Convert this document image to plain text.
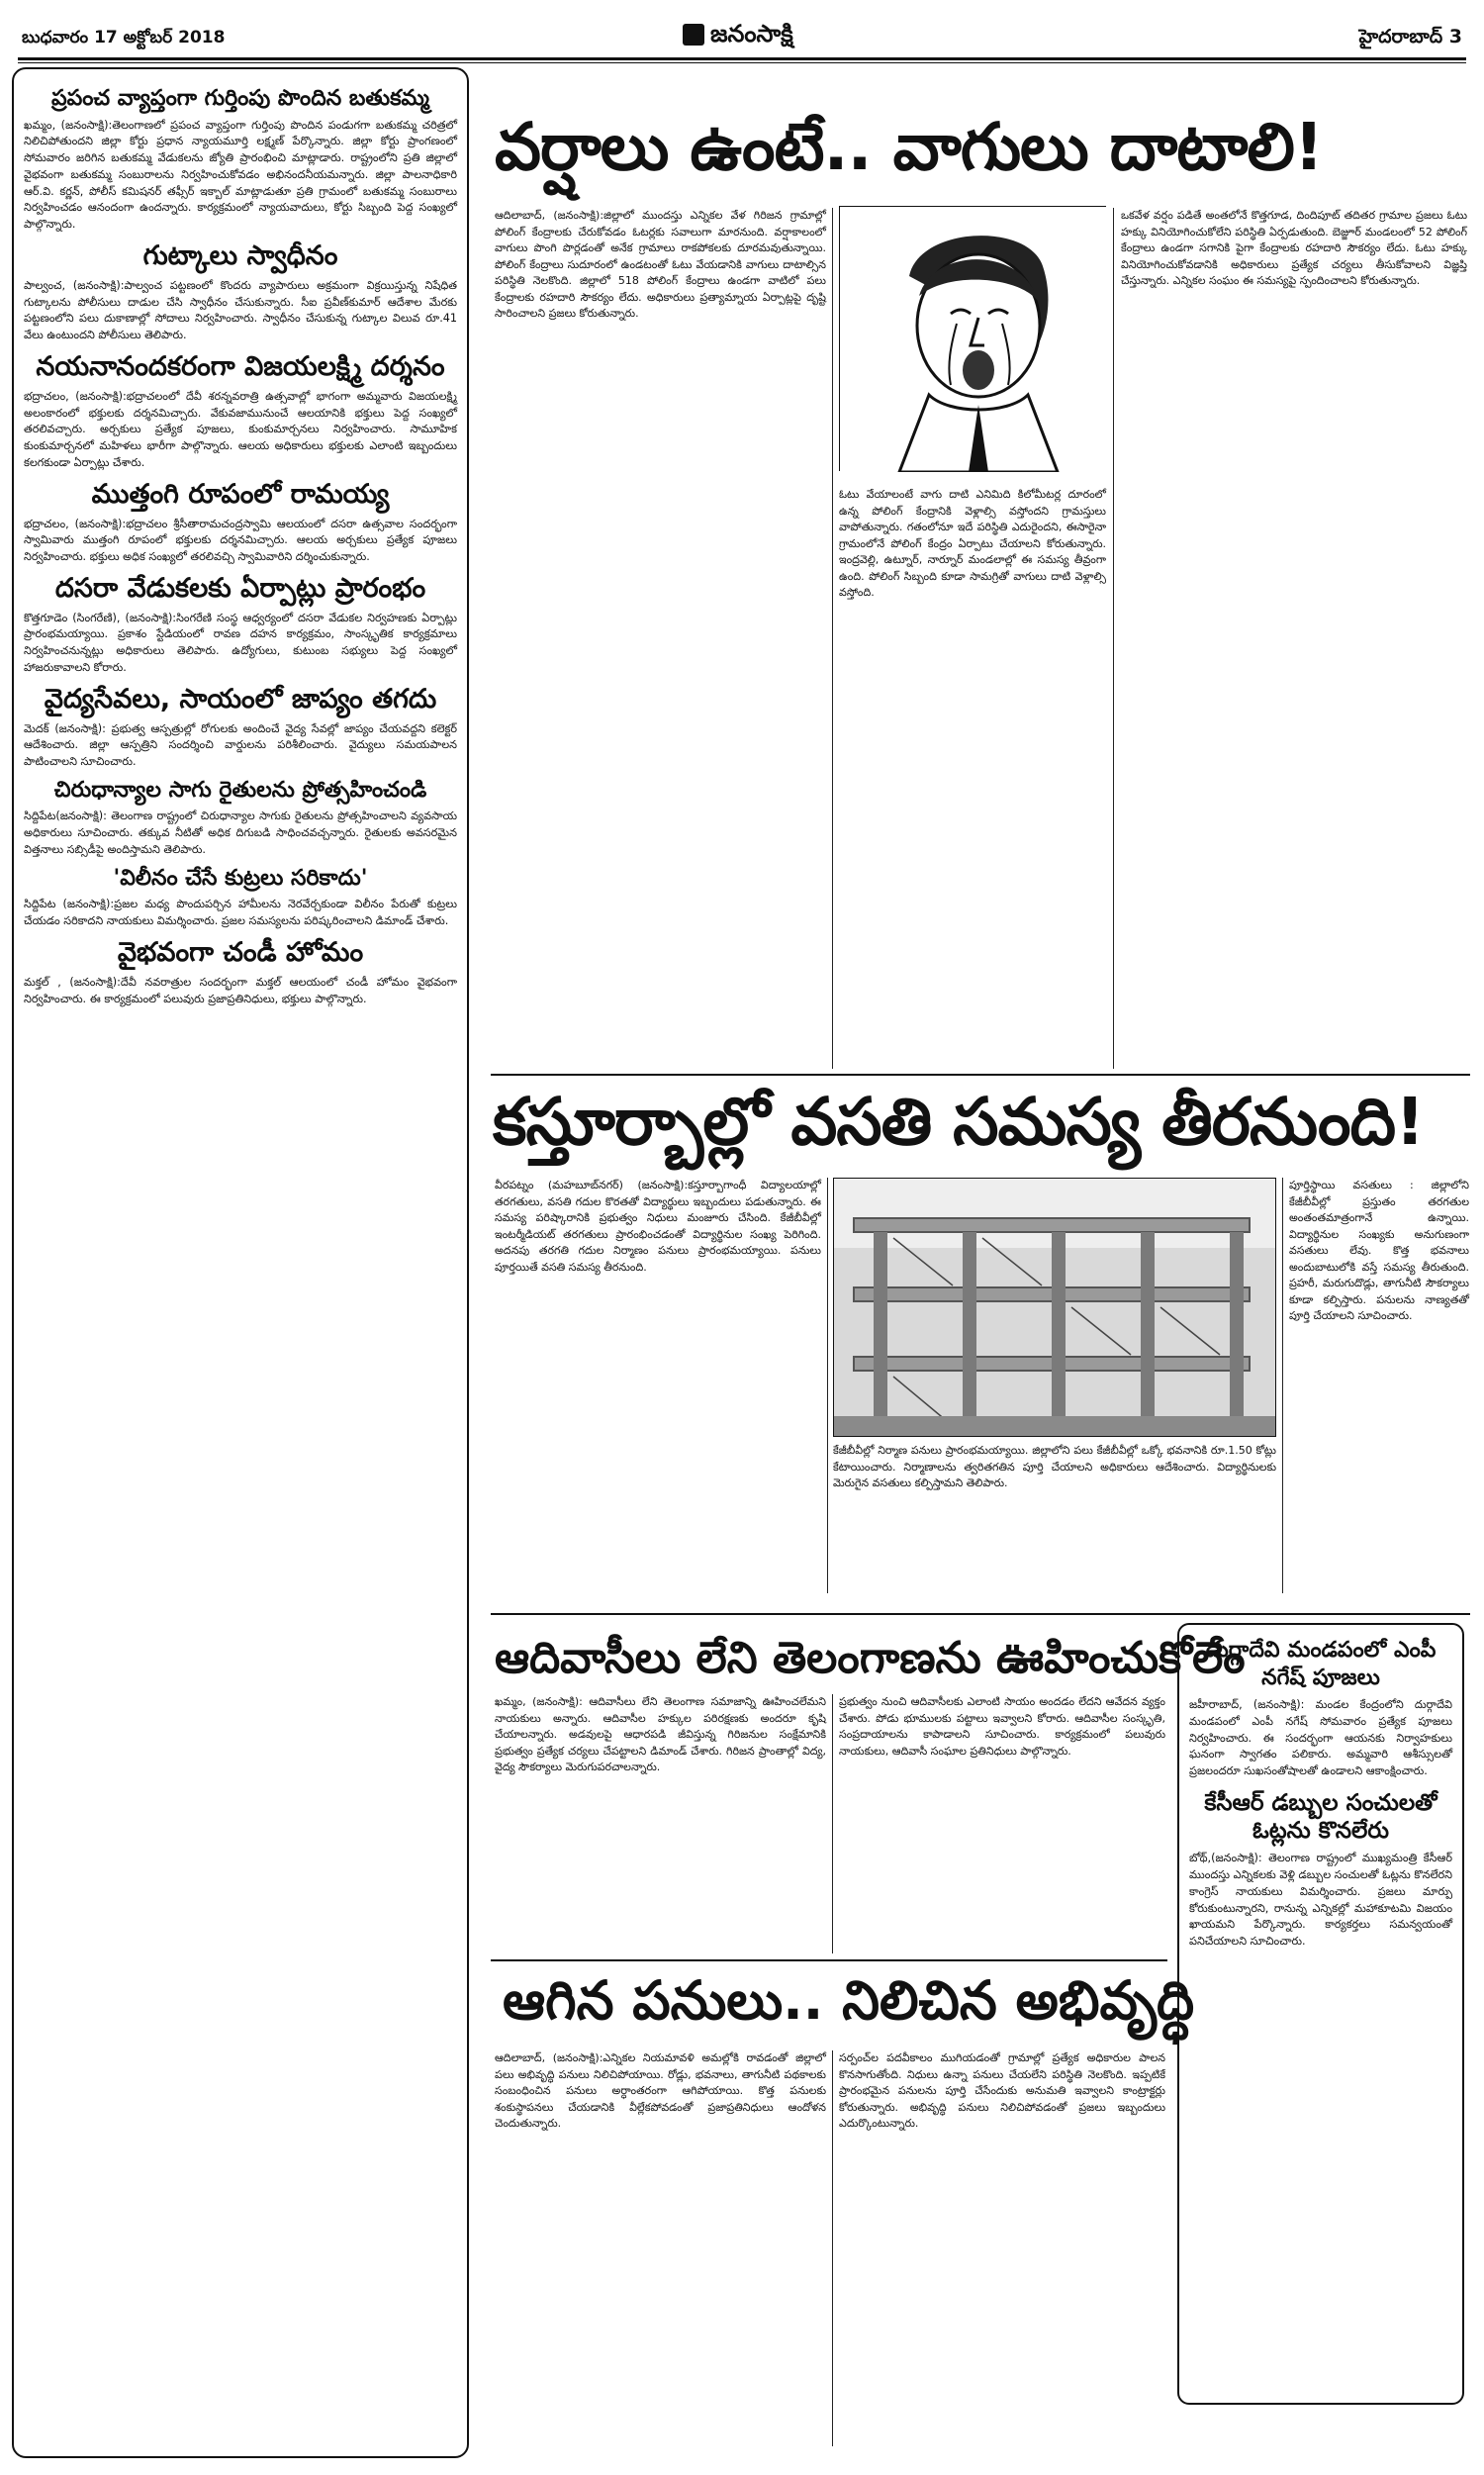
బుధవారం 17 అక్టోబర్ 2018	జనంసాక్షి	హైదరాబాద్ 3
ప్రపంచ వ్యాప్తంగా గుర్తింపు పొందిన బతుకమ్మ

ఖమ్మం, (జనంసాక్షి):తెలంగాణలో ప్రపంచ వ్యాప్తంగా గుర్తింపు పొందిన పండుగగా బతుకమ్మ చరిత్రలో నిలిచిపోతుందని జిల్లా కోర్టు ప్రధాన న్యాయమూర్తి లక్ష్మణ్ పేర్కొన్నారు. జిల్లా కోర్టు ప్రాంగణంలో సోమవారం జరిగిన బతుకమ్మ వేడుకలను జ్యోతి ప్రారంభించి మాట్లాడారు. రాష్ట్రంలోని ప్రతి జిల్లాలో వైభవంగా బతుకమ్మ సంబురాలను నిర్వహించుకోవడం అభినందనీయమన్నారు. జిల్లా పాలనాధికారి ఆర్.వి. కర్ణన్, పోలీస్ కమిషనర్ తఫ్సీర్ ఇక్బాల్ మాట్లాడుతూ ప్రతి గ్రామంలో బతుకమ్మ సంబురాలు నిర్వహించడం ఆనందంగా ఉందన్నారు. కార్యక్రమంలో న్యాయవాదులు, కోర్టు సిబ్బంది పెద్ద సంఖ్యలో పాల్గొన్నారు.

గుట్కాలు స్వాధీనం

పాల్వంచ, (జనంసాక్షి):పాల్వంచ పట్టణంలో కొందరు వ్యాపారులు అక్రమంగా విక్రయిస్తున్న నిషేధిత గుట్కాలను పోలీసులు దాడుల చేసి స్వాధీనం చేసుకున్నారు. సీఐ ప్రవీణ్‌కుమార్ ఆదేశాల మేరకు పట్టణంలోని పలు దుకాణాల్లో సోదాలు నిర్వహించారు. స్వాధీనం చేసుకున్న గుట్కాల విలువ రూ.41 వేలు ఉంటుందని పోలీసులు తెలిపారు.

నయనానందకరంగా విజయలక్ష్మి దర్శనం

భద్రాచలం, (జనంసాక్షి):భద్రాచలంలో దేవీ శరన్నవరాత్రి ఉత్సవాల్లో భాగంగా అమ్మవారు విజయలక్ష్మి అలంకారంలో భక్తులకు దర్శనమిచ్చారు. వేకువజామునుంచే ఆలయానికి భక్తులు పెద్ద సంఖ్యలో తరలివచ్చారు. అర్చకులు ప్రత్యేక పూజలు, కుంకుమార్చనలు నిర్వహించారు. సామూహిక కుంకుమార్చనలో మహిళలు భారీగా పాల్గొన్నారు. ఆలయ అధికారులు భక్తులకు ఎలాంటి ఇబ్బందులు కలగకుండా ఏర్పాట్లు చేశారు.

ముత్తంగి రూపంలో రామయ్య

భద్రాచలం, (జనంసాక్షి):భద్రాచలం శ్రీసీతారామచంద్రస్వామి ఆలయంలో దసరా ఉత్సవాల సందర్భంగా స్వామివారు ముత్తంగి రూపంలో భక్తులకు దర్శనమిచ్చారు. ఆలయ అర్చకులు ప్రత్యేక పూజలు నిర్వహించారు. భక్తులు అధిక సంఖ్యలో తరలివచ్చి స్వామివారిని దర్శించుకున్నారు.

దసరా వేడుకలకు ఏర్పాట్లు ప్రారంభం

కొత్తగూడెం (సింగరేణి), (జనంసాక్షి):సింగరేణి సంస్థ ఆధ్వర్యంలో దసరా వేడుకల నిర్వహణకు ఏర్పాట్లు ప్రారంభమయ్యాయి. ప్రకాశం స్టేడియంలో రావణ దహన కార్యక్రమం, సాంస్కృతిక కార్యక్రమాలు నిర్వహించనున్నట్లు అధికారులు తెలిపారు. ఉద్యోగులు, కుటుంబ సభ్యులు పెద్ద సంఖ్యలో హాజరుకావాలని కోరారు.

వైద్యసేవలు, సాయంలో జాప్యం తగదు

మెదక్ (జనంసాక్షి): ప్రభుత్వ ఆస్పత్రుల్లో రోగులకు అందించే వైద్య సేవల్లో జాప్యం చేయవద్దని కలెక్టర్ ఆదేశించారు. జిల్లా ఆస్పత్రిని సందర్శించి వార్డులను పరిశీలించారు. వైద్యులు సమయపాలన పాటించాలని సూచించారు.

చిరుధాన్యాల సాగు రైతులను ప్రోత్సహించండి

సిద్దిపేట(జనంసాక్షి): తెలంగాణ రాష్ట్రంలో చిరుధాన్యాల సాగుకు రైతులను ప్రోత్సహించాలని వ్యవసాయ అధికారులు సూచించారు. తక్కువ నీటితో అధిక దిగుబడి సాధించవచ్చన్నారు. రైతులకు అవసరమైన విత్తనాలు సబ్సిడీపై అందిస్తామని తెలిపారు.

'విలీనం చేసే కుట్రలు సరికాదు'

సిద్దిపేట (జనంసాక్షి):ప్రజల మధ్య పొందుపర్చిన హామీలను నెరవేర్చకుండా విలీనం పేరుతో కుట్రలు చేయడం సరికాదని నాయకులు విమర్శించారు. ప్రజల సమస్యలను పరిష్కరించాలని డిమాండ్ చేశారు.

వైభవంగా చండీ హోమం

మక్తల్ , (జనంసాక్షి):దేవీ నవరాత్రుల సందర్భంగా మక్తల్ ఆలయంలో చండీ హోమం వైభవంగా నిర్వహించారు. ఈ కార్యక్రమంలో పలువురు ప్రజాప్రతినిధులు, భక్తులు పాల్గొన్నారు.

వర్షాలు ఉంటే.. వాగులు దాటాలి!

ఆదిలాబాద్, (జనంసాక్షి):జిల్లాలో ముందస్తు ఎన్నికల వేళ గిరిజన గ్రామాల్లో పోలింగ్ కేంద్రాలకు చేరుకోవడం ఓటర్లకు సవాలుగా మారనుంది. వర్షాకాలంలో వాగులు పొంగి పొర్లడంతో అనేక గ్రామాలు రాకపోకలకు దూరమవుతున్నాయి. పోలింగ్ కేంద్రాలు సుదూరంలో ఉండటంతో ఓటు వేయడానికి వాగులు దాటాల్సిన పరిస్థితి నెలకొంది. జిల్లాలో 518 పోలింగ్ కేంద్రాలు ఉండగా వాటిలో పలు కేంద్రాలకు రహదారి సౌకర్యం లేదు. అధికారులు ప్రత్యామ్నాయ ఏర్పాట్లపై దృష్టి సారించాలని ప్రజలు కోరుతున్నారు.

ఓటు వేయాలంటే వాగు దాటి ఎనిమిది కిలోమీటర్ల దూరంలో ఉన్న పోలింగ్ కేంద్రానికి వెళ్లాల్సి వస్తోందని గ్రామస్తులు వాపోతున్నారు. గతంలోనూ ఇదే పరిస్థితి ఎదురైందని, ఈసారైనా గ్రామంలోనే పోలింగ్ కేంద్రం ఏర్పాటు చేయాలని కోరుతున్నారు. ఇంద్రవెల్లి, ఉట్నూర్, నార్నూర్ మండలాల్లో ఈ సమస్య తీవ్రంగా ఉంది. పోలింగ్ సిబ్బంది కూడా సామగ్రితో వాగులు దాటి వెళ్లాల్సి వస్తోంది.

ఒకవేళ వర్షం పడితే అంతలోనే కొత్తగూడ, దిందిపూట్ తదితర గ్రామాల ప్రజలు ఓటు హక్కు వినియోగించుకోలేని పరిస్థితి ఏర్పడుతుంది. బెజ్జూర్ మండలంలో 52 పోలింగ్ కేంద్రాలు ఉండగా సగానికి పైగా కేంద్రాలకు రహదారి సౌకర్యం లేదు. ఓటు హక్కు వినియోగించుకోవడానికి అధికారులు ప్రత్యేక చర్యలు తీసుకోవాలని విజ్ఞప్తి చేస్తున్నారు. ఎన్నికల సంఘం ఈ సమస్యపై స్పందించాలని కోరుతున్నారు.

కస్తూర్బాల్లో వసతి సమస్య తీరనుంది!

వీరపట్నం (మహబూబ్‌నగర్) (జనంసాక్షి):కస్తూర్బాగాంధీ విద్యాలయాల్లో తరగతులు, వసతి గదుల కొరతతో విద్యార్థులు ఇబ్బందులు పడుతున్నారు. ఈ సమస్య పరిష్కారానికి ప్రభుత్వం నిధులు మంజూరు చేసింది. కేజీబీవీల్లో ఇంటర్మీడియట్ తరగతులు ప్రారంభించడంతో విద్యార్థినుల సంఖ్య పెరిగింది. అదనపు తరగతి గదుల నిర్మాణం పనులు ప్రారంభమయ్యాయి. పనులు పూర్తయితే వసతి సమస్య తీరనుంది.

కేజీబీవీల్లో నిర్మాణ పనులు ప్రారంభమయ్యాయి. జిల్లాలోని పలు కేజీబీవీల్లో ఒక్కో భవనానికి రూ.1.50 కోట్లు కేటాయించారు. నిర్మాణాలను త్వరితగతిన పూర్తి చేయాలని అధికారులు ఆదేశించారు. విద్యార్థినులకు మెరుగైన వసతులు కల్పిస్తామని తెలిపారు.

పూర్తిస్థాయి వసతులు : జిల్లాలోని కేజీబీవీల్లో ప్రస్తుతం తరగతుల అంతంతమాత్రంగానే ఉన్నాయి. విద్యార్థినుల సంఖ్యకు అనుగుణంగా వసతులు లేవు. కొత్త భవనాలు అందుబాటులోకి వస్తే సమస్య తీరుతుంది. ప్రహరీ, మరుగుదొడ్లు, తాగునీటి సౌకర్యాలు కూడా కల్పిస్తారు. పనులను నాణ్యతతో పూర్తి చేయాలని సూచించారు.

ఆదివాసీలు లేని తెలంగాణను ఊహించుకోలేం

ఖమ్మం, (జనంసాక్షి): ఆదివాసీలు లేని తెలంగాణ సమాజాన్ని ఊహించలేమని నాయకులు అన్నారు. ఆదివాసీల హక్కుల పరిరక్షణకు అందరూ కృషి చేయాలన్నారు. అడవులపై ఆధారపడి జీవిస్తున్న గిరిజనుల సంక్షేమానికి ప్రభుత్వం ప్రత్యేక చర్యలు చేపట్టాలని డిమాండ్ చేశారు. గిరిజన ప్రాంతాల్లో విద్య, వైద్య సౌకర్యాలు మెరుగుపరచాలన్నారు.

ప్రభుత్వం నుంచి ఆదివాసీలకు ఎలాంటి సాయం అందడం లేదని ఆవేదన వ్యక్తం చేశారు. పోడు భూములకు పట్టాలు ఇవ్వాలని కోరారు. ఆదివాసీల సంస్కృతి, సంప్రదాయాలను కాపాడాలని సూచించారు. కార్యక్రమంలో పలువురు నాయకులు, ఆదివాసీ సంఘాల ప్రతినిధులు పాల్గొన్నారు.

ఆగిన పనులు.. నిలిచిన అభివృద్ధి

ఆదిలాబాద్, (జనంసాక్షి):ఎన్నికల నియమావళి అమల్లోకి రావడంతో జిల్లాలో పలు అభివృద్ధి పనులు నిలిచిపోయాయి. రోడ్లు, భవనాలు, తాగునీటి పథకాలకు సంబంధించిన పనులు అర్ధాంతరంగా ఆగిపోయాయి. కొత్త పనులకు శంకుస్థాపనలు చేయడానికి వీల్లేకపోవడంతో ప్రజాప్రతినిధులు ఆందోళన చెందుతున్నారు.

సర్పంచ్‌ల పదవీకాలం ముగియడంతో గ్రామాల్లో ప్రత్యేక అధికారుల పాలన కొనసాగుతోంది. నిధులు ఉన్నా పనులు చేయలేని పరిస్థితి నెలకొంది. ఇప్పటికే ప్రారంభమైన పనులను పూర్తి చేసేందుకు అనుమతి ఇవ్వాలని కాంట్రాక్టర్లు కోరుతున్నారు. అభివృద్ధి పనులు నిలిచిపోవడంతో ప్రజలు ఇబ్బందులు ఎదుర్కొంటున్నారు.

దుర్గాదేవి మండపంలో ఎంపీ నగేష్ పూజలు

జహీరాబాద్, (జనంసాక్షి): మండల కేంద్రంలోని దుర్గాదేవి మండపంలో ఎంపీ నగేష్ సోమవారం ప్రత్యేక పూజలు నిర్వహించారు. ఈ సందర్భంగా ఆయనకు నిర్వాహకులు ఘనంగా స్వాగతం పలికారు. అమ్మవారి ఆశీస్సులతో ప్రజలందరూ సుఖసంతోషాలతో ఉండాలని ఆకాంక్షించారు.

కేసీఆర్ డబ్బుల సంచులతో ఓట్లను కొనలేరు

బోథ్,(జనంసాక్షి): తెలంగాణ రాష్ట్రంలో ముఖ్యమంత్రి కేసీఆర్ ముందస్తు ఎన్నికలకు వెళ్లి డబ్బుల సంచులతో ఓట్లను కొనలేరని కాంగ్రెస్ నాయకులు విమర్శించారు. ప్రజలు మార్పు కోరుకుంటున్నారని, రానున్న ఎన్నికల్లో మహాకూటమి విజయం ఖాయమని పేర్కొన్నారు. కార్యకర్తలు సమన్వయంతో పనిచేయాలని సూచించారు.
